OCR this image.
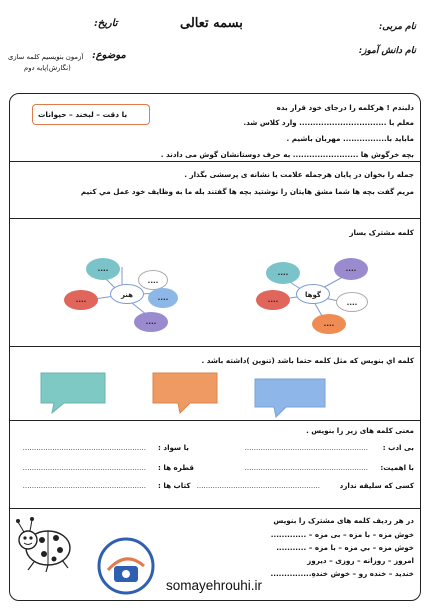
بسمه تعالی	نام مربی:
نام دانش آموز:
تاریخ:
موضوع:
آزمون بنویسیم کلمه سازی
(نگارش)پایه دوم
با دقت – لبخند – حیوانات
دلبندم ! هرکلمه را درجای خود قرار بده
معلم با ................................ وارد کلاس شد.
مابايد با................ مهربان باشيم .
بچه خرگوش ها ........................ به حرف دوستانشان گوش می دادند .
جمله را بخوان در پایان هرجمله علامت یا نشانه ی پرسشی بگذار .
مريم گفت بچه ها شما مشق هايتان را نوشتيد بچه ها گفتند بله ما به وظايف خود عمل مي كنيم
کلمه مشترک بساز
گوها
....	....
....
....
....
هنر
....
....
....
....
....
کلمه اي بنويس كه مثل كلمه حتما باشد (تنوين )داشته باشد .
معنی کلمه های زیر را بنویس .
بی ادب :
......................................................
با اهمیت:
......................................................
کسی که سلیقه ندارد
......................................................
با سواد :
......................................................
قطره ها :
......................................................
کتاب ها :
......................................................
در هر ردیف کلمه های مشترک را بنویس
خوش مزه – با مزه – بی مزه – .............
خوش مزه – بي مزه – با مزه – ...........
امروز – روزانه – روزی – دیروز
خندید – خنده رو – خوش خندهِ...............
somayehrouhi.ir
